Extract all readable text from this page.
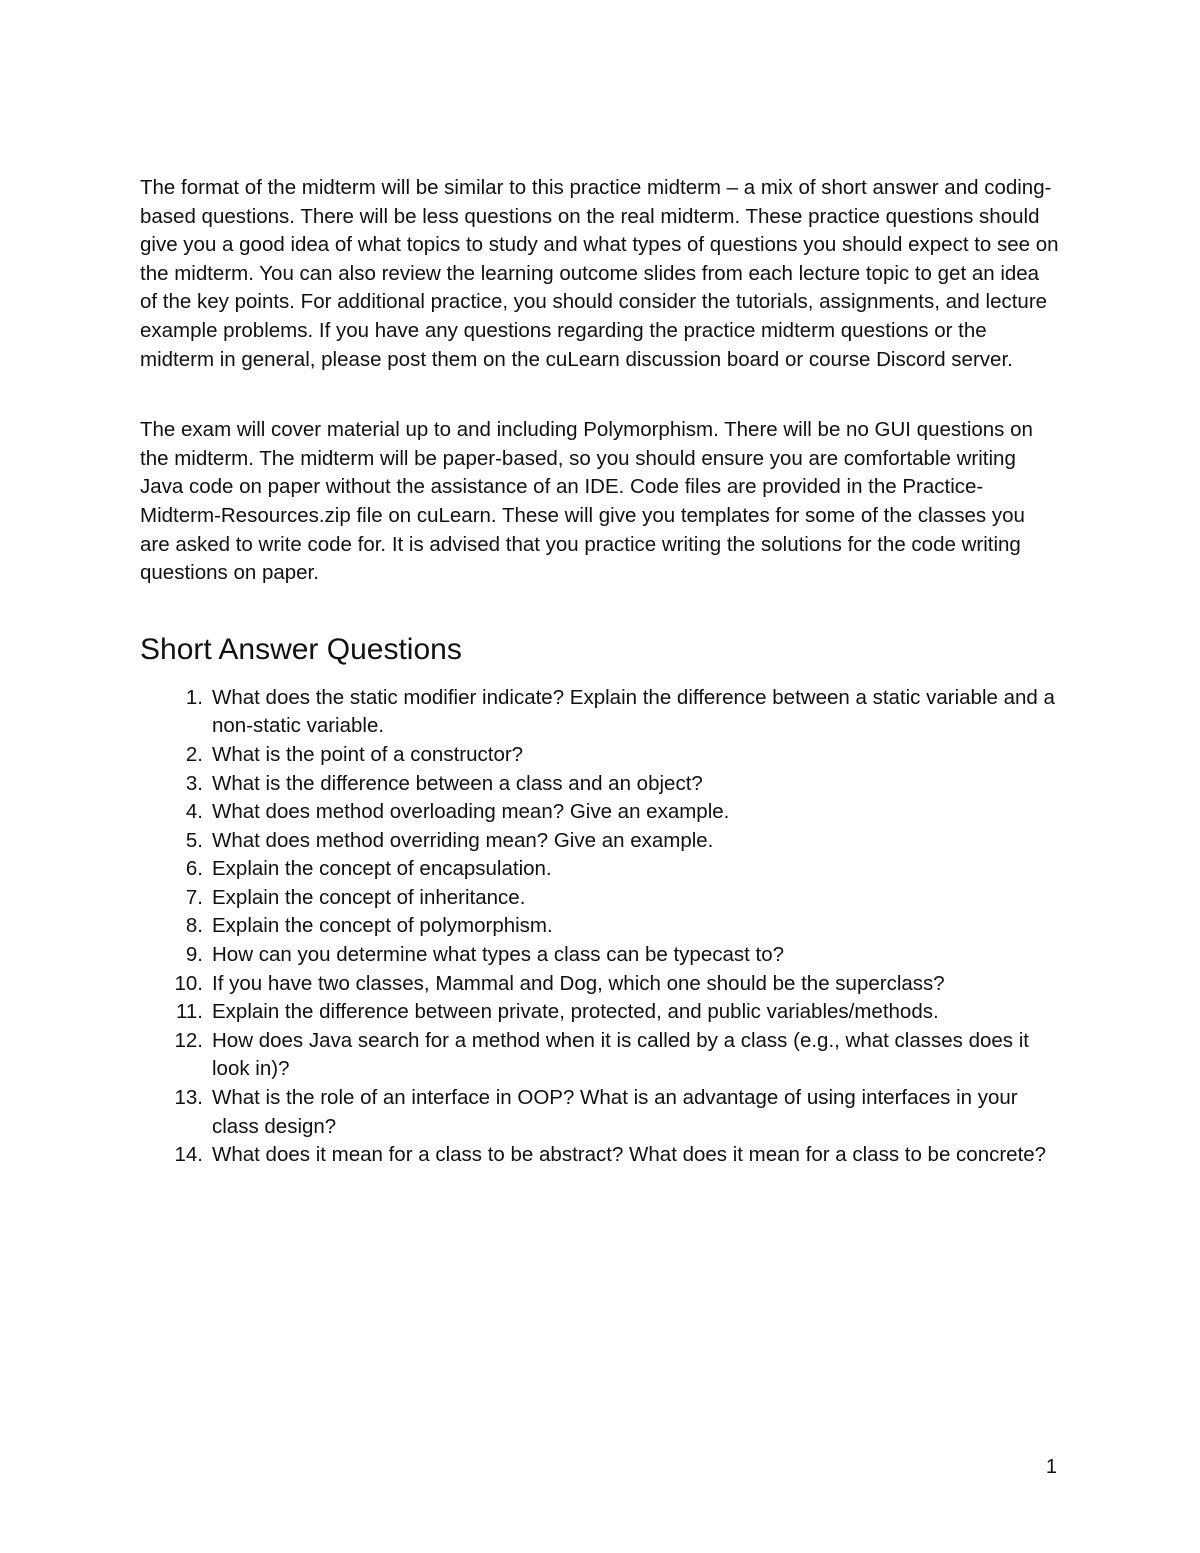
The format of the midterm will be similar to this practice midterm – a mix of short answer and coding-based questions. There will be less questions on the real midterm. These practice questions should give you a good idea of what topics to study and what types of questions you should expect to see on the midterm. You can also review the learning outcome slides from each lecture topic to get an idea of the key points. For additional practice, you should consider the tutorials, assignments, and lecture example problems. If you have any questions regarding the practice midterm questions or the midterm in general, please post them on the cuLearn discussion board or course Discord server.

The exam will cover material up to and including Polymorphism. There will be no GUI questions on the midterm. The midterm will be paper-based, so you should ensure you are comfortable writing Java code on paper without the assistance of an IDE. Code files are provided in the Practice-Midterm-Resources.zip file on cuLearn. These will give you templates for some of the classes you are asked to write code for. It is advised that you practice writing the solutions for the code writing questions on paper.

Short Answer Questions
1. What does the static modifier indicate? Explain the difference between a static variable and a non-static variable.
2. What is the point of a constructor?
3. What is the difference between a class and an object?
4. What does method overloading mean? Give an example.
5. What does method overriding mean? Give an example.
6. Explain the concept of encapsulation.
7. Explain the concept of inheritance.
8. Explain the concept of polymorphism.
9. How can you determine what types a class can be typecast to?
10. If you have two classes, Mammal and Dog, which one should be the superclass?
11. Explain the difference between private, protected, and public variables/methods.
12. How does Java search for a method when it is called by a class (e.g., what classes does it look in)?
13. What is the role of an interface in OOP? What is an advantage of using interfaces in your class design?
14. What does it mean for a class to be abstract? What does it mean for a class to be concrete?
1
